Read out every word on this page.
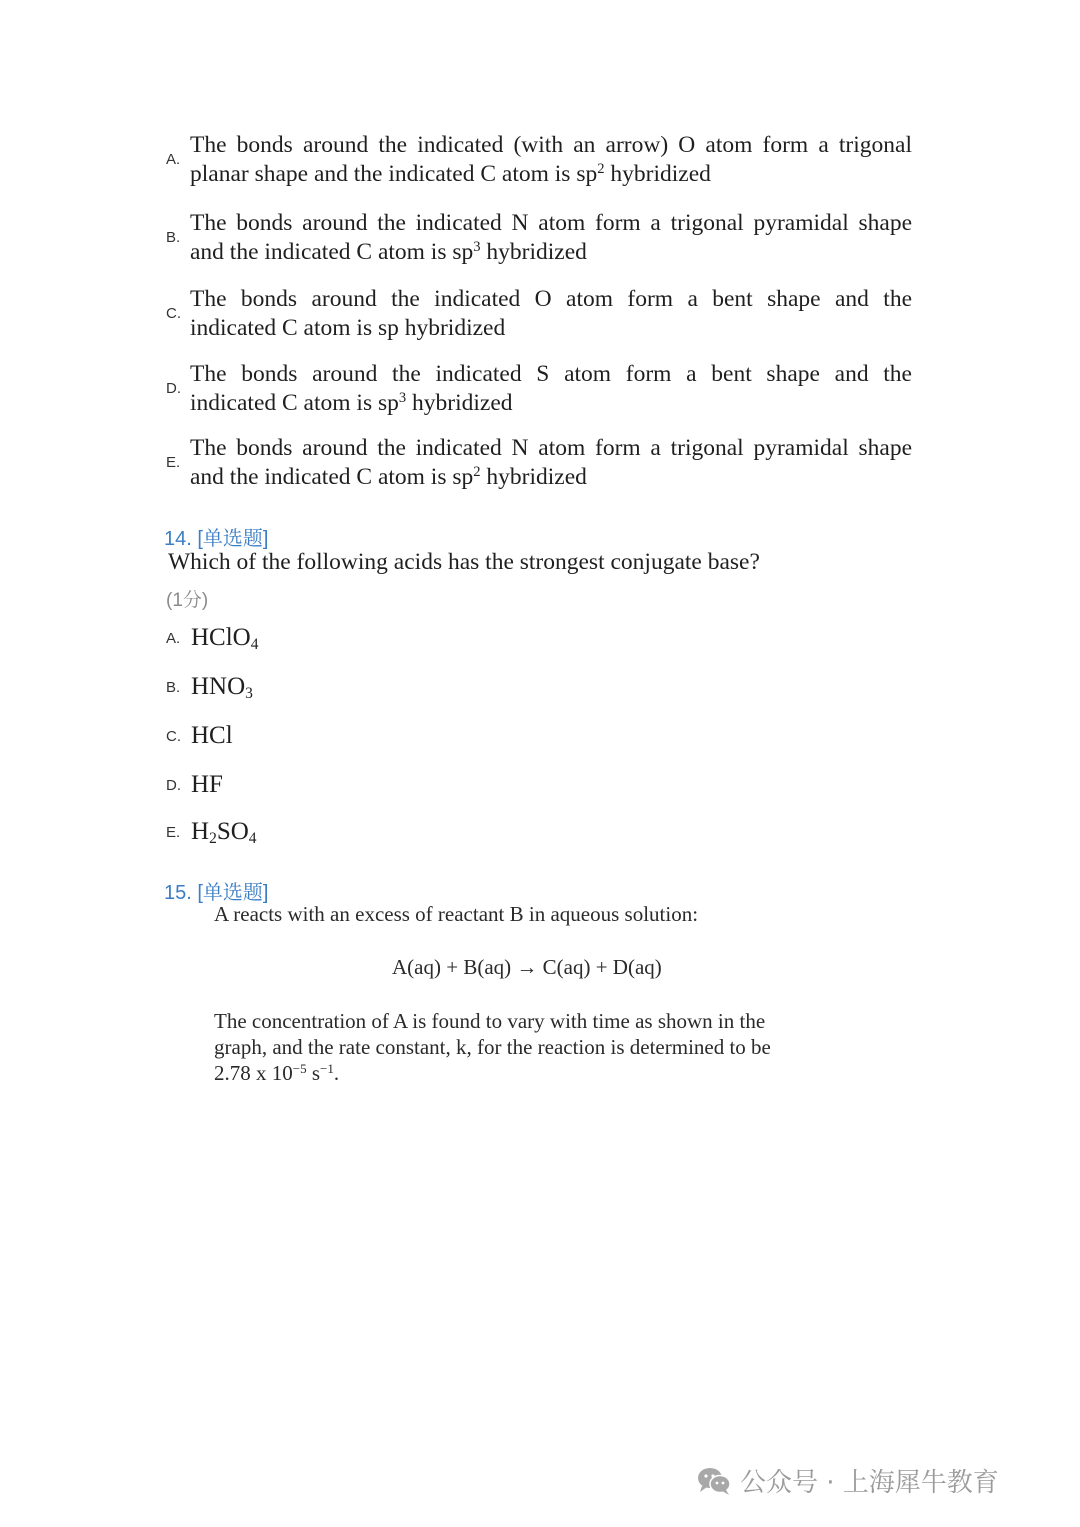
A.
The bonds around the indicated (with an arrow) O atom form a trigonal
planar shape and the indicated C atom is $sp^2$ hybridized
B.
The bonds around the indicated N atom form a trigonal pyramidal shape
and the indicated C atom is $sp^3$ hybridized
C.
The bonds around the indicated O atom form a bent shape and the
indicated C atom is sp hybridized
D.
The bonds around the indicated S atom form a bent shape and the
indicated C atom is $sp^3$ hybridized
E.
The bonds around the indicated N atom form a trigonal pyramidal shape
and the indicated C atom is $sp^2$ hybridized
14. [单选题]
Which of the following acids has the strongest conjugate base?
(1分)
A. HClO$_4$
B. $HNO_3$
C. HCl
D. HF
E. $H_2SO_4$
15. [单选题]
A reacts with an excess of reactant B in aqueous solution:
A(aq) + B(aq) → C(aq) + D(aq)
The concentration of A is found to vary with time as shown in the
graph, and the rate constant, k, for the reaction is determined to be
2.78 x $10^{-5}$ $s^{-1}$.
公众号 · 上海犀牛教育
